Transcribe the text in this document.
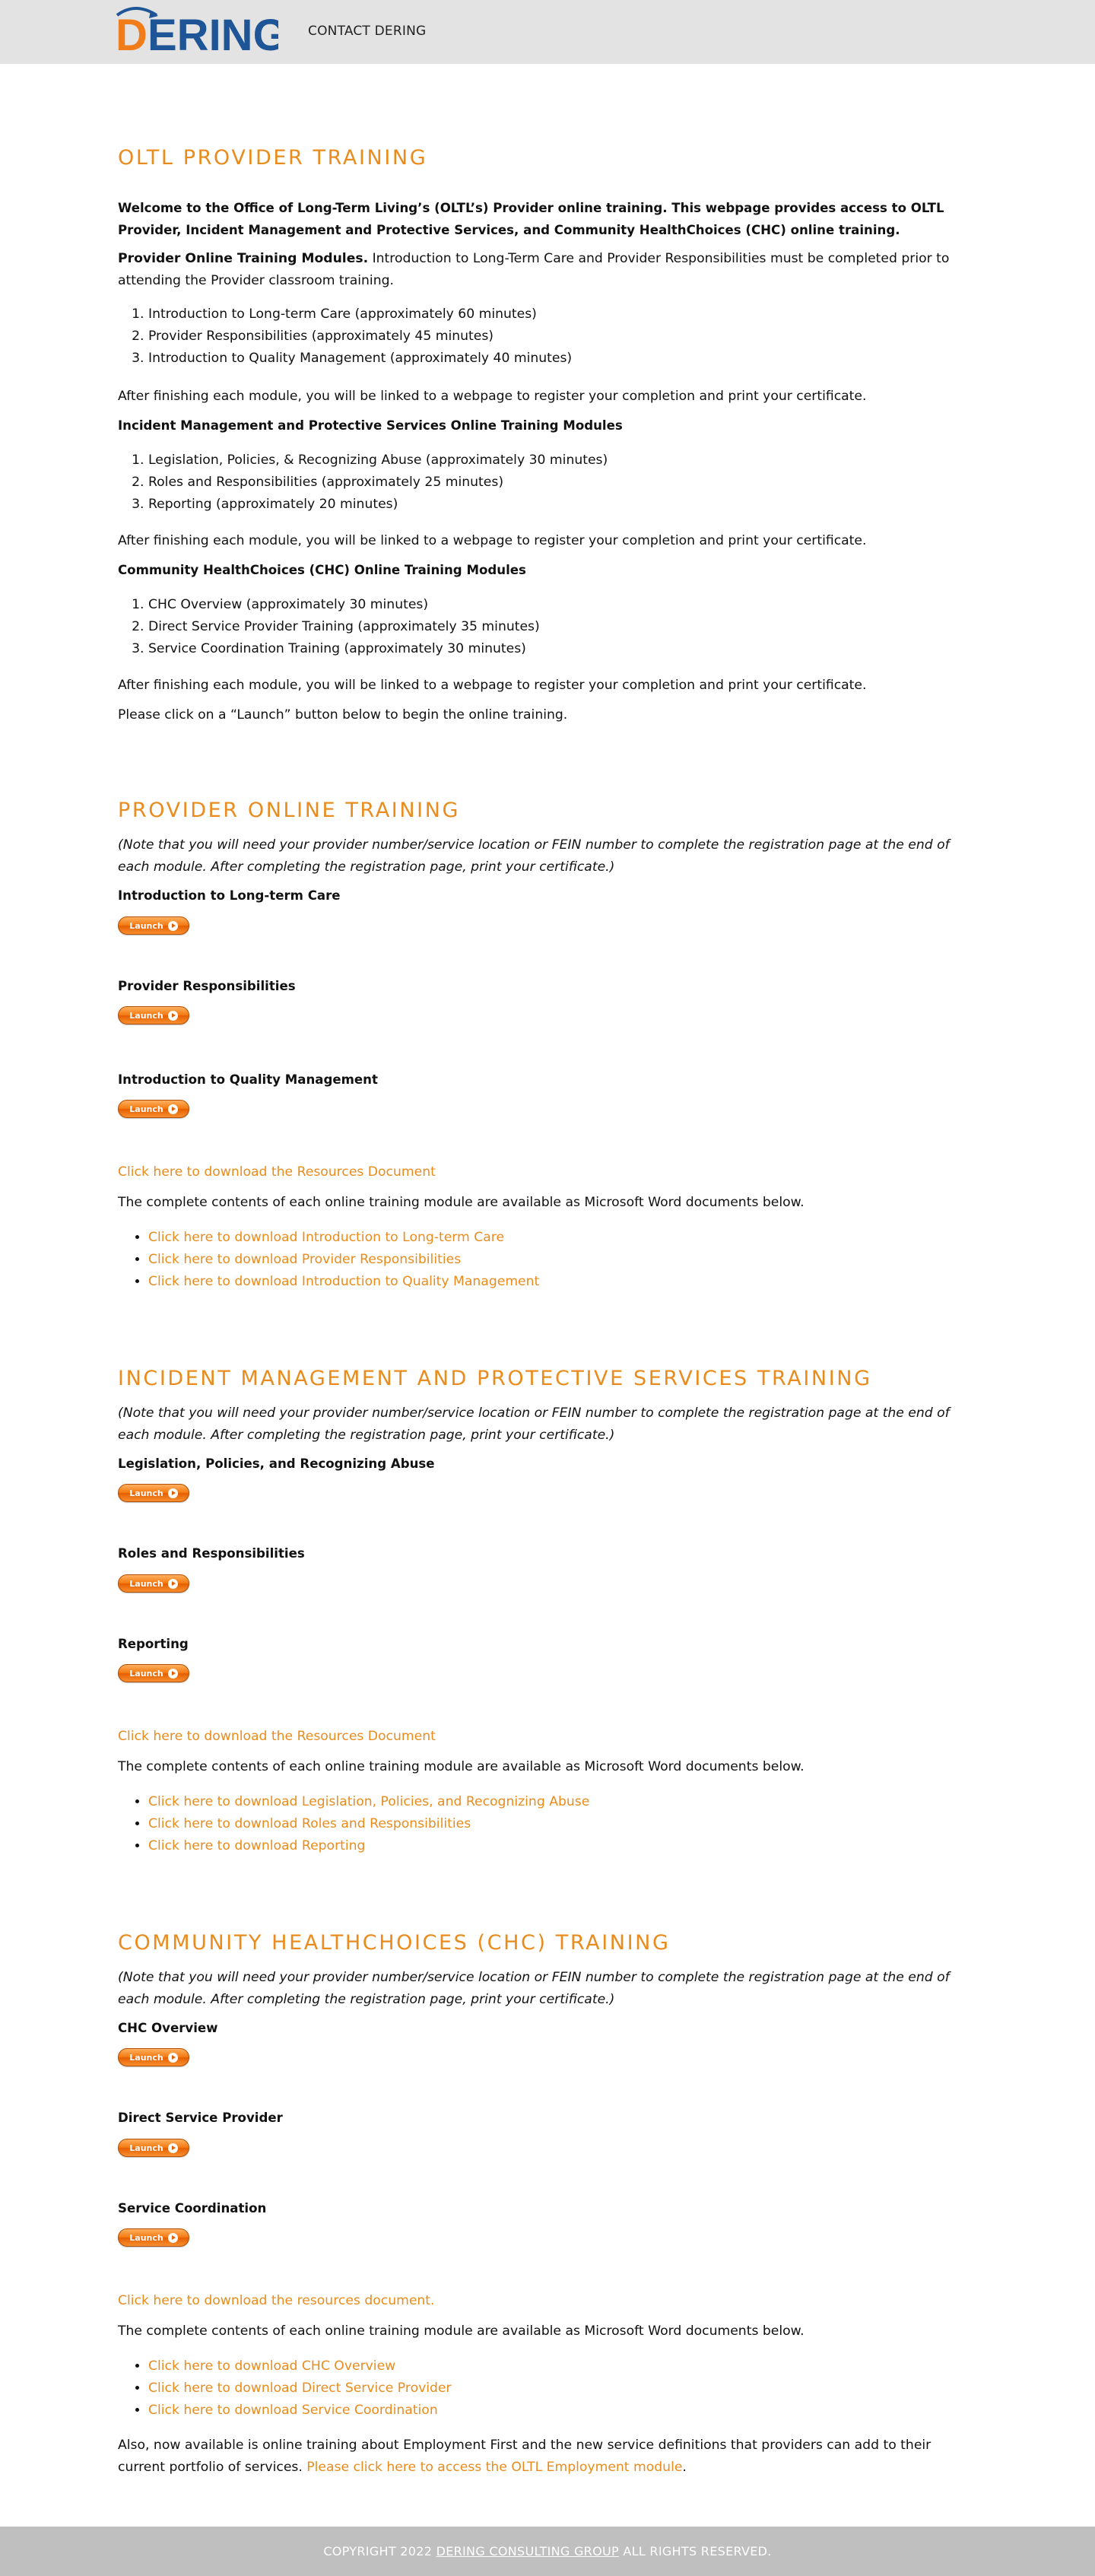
D ERING CONTACT DERING
OLTL PROVIDER TRAINING

Welcome to the Office of Long-Term Living’s (OLTL’s) Provider online training. This webpage provides access to OLTL Provider, Incident Management and Protective Services, and Community HealthChoices (CHC) online training.

Provider Online Training Modules. Introduction to Long-Term Care and Provider Responsibilities must be completed prior to attending the Provider classroom training.

1. Introduction to Long-term Care (approximately 60 minutes)
2. Provider Responsibilities (approximately 45 minutes)
3. Introduction to Quality Management (approximately 40 minutes)

After finishing each module, you will be linked to a webpage to register your completion and print your certificate.

Incident Management and Protective Services Online Training Modules

1. Legislation, Policies, & Recognizing Abuse (approximately 30 minutes)
2. Roles and Responsibilities (approximately 25 minutes)
3. Reporting (approximately 20 minutes)

After finishing each module, you will be linked to a webpage to register your completion and print your certificate.

Community HealthChoices (CHC) Online Training Modules

1. CHC Overview (approximately 30 minutes)
2. Direct Service Provider Training (approximately 35 minutes)
3. Service Coordination Training (approximately 30 minutes)

After finishing each module, you will be linked to a webpage to register your completion and print your certificate.

Please click on a “Launch” button below to begin the online training.

PROVIDER ONLINE TRAINING

(Note that you will need your provider number/service location or FEIN number to complete the registration page at the end of each module. After completing the registration page, print your certificate.)

Introduction to Long-term Care

Launch

Provider Responsibilities

Launch

Introduction to Quality Management

Launch
Click here to download the Resources Document

The complete contents of each online training module are available as Microsoft Word documents below.

• Click here to download Introduction to Long-term Care
• Click here to download Provider Responsibilities
• Click here to download Introduction to Quality Management
INCIDENT MANAGEMENT AND PROTECTIVE SERVICES TRAINING

(Note that you will need your provider number/service location or FEIN number to complete the registration page at the end of each module. After completing the registration page, print your certificate.)

Legislation, Policies, and Recognizing Abuse

Launch

Roles and Responsibilities

Launch

Reporting

Launch
Click here to download the Resources Document

The complete contents of each online training module are available as Microsoft Word documents below.

• Click here to download Legislation, Policies, and Recognizing Abuse
• Click here to download Roles and Responsibilities
• Click here to download Reporting
COMMUNITY HEALTHCHOICES (CHC) TRAINING

(Note that you will need your provider number/service location or FEIN number to complete the registration page at the end of each module. After completing the registration page, print your certificate.)

CHC Overview

Launch

Direct Service Provider

Launch

Service Coordination

Launch
Click here to download the resources document.

The complete contents of each online training module are available as Microsoft Word documents below.

• Click here to download CHC Overview
• Click here to download Direct Service Provider
• Click here to download Service Coordination

Also, now available is online training about Employment First and the new service definitions that providers can add to their current portfolio of services. Please click here to access the OLTL Employment module.

COPYRIGHT 2022 DERING CONSULTING GROUP ALL RIGHTS RESERVED.
